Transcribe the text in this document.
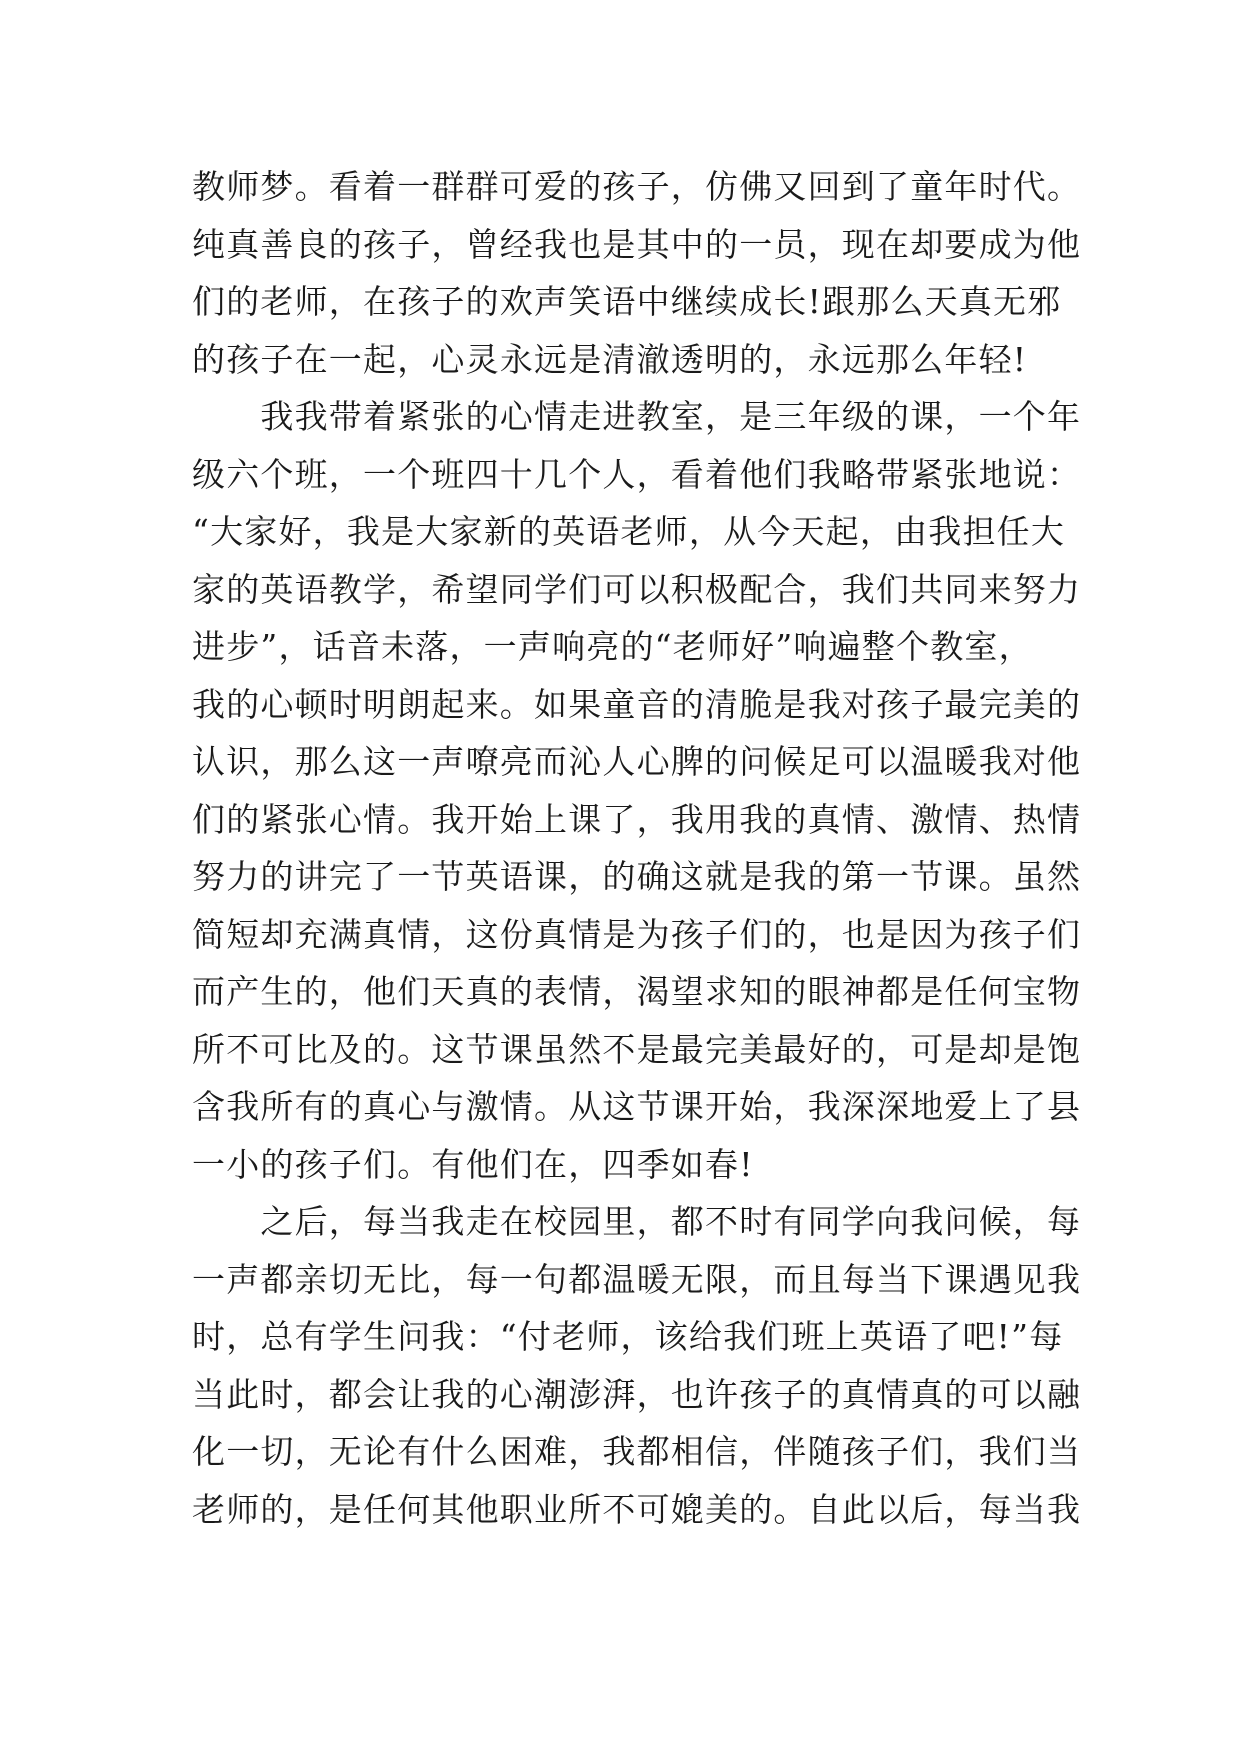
教师梦。看着一群群可爱的孩子，仿佛又回到了童年时代。
纯真善良的孩子，曾经我也是其中的一员，现在却要成为他
们的老师，在孩子的欢声笑语中继续成长!跟那么天真无邪
的孩子在一起，心灵永远是清澈透明的，永远那么年轻!
　　我我带着紧张的心情走进教室，是三年级的课，一个年
级六个班，一个班四十几个人，看着他们我略带紧张地说：
“大家好，我是大家新的英语老师，从今天起，由我担任大
家的英语教学，希望同学们可以积极配合，我们共同来努力
进步”，话音未落，一声响亮的“老师好”响遍整个教室，
我的心顿时明朗起来。如果童音的清脆是我对孩子最完美的
认识，那么这一声嘹亮而沁人心脾的问候足可以温暖我对他
们的紧张心情。我开始上课了，我用我的真情、激情、热情
努力的讲完了一节英语课，的确这就是我的第一节课。虽然
简短却充满真情，这份真情是为孩子们的，也是因为孩子们
而产生的，他们天真的表情，渴望求知的眼神都是任何宝物
所不可比及的。这节课虽然不是最完美最好的，可是却是饱
含我所有的真心与激情。从这节课开始，我深深地爱上了县
一小的孩子们。有他们在，四季如春!
　　之后，每当我走在校园里，都不时有同学向我问候，每
一声都亲切无比，每一句都温暖无限，而且每当下课遇见我
时，总有学生问我：“付老师，该给我们班上英语了吧!”每
当此时，都会让我的心潮澎湃，也许孩子的真情真的可以融
化一切，无论有什么困难，我都相信，伴随孩子们，我们当
老师的，是任何其他职业所不可媲美的。自此以后，每当我
